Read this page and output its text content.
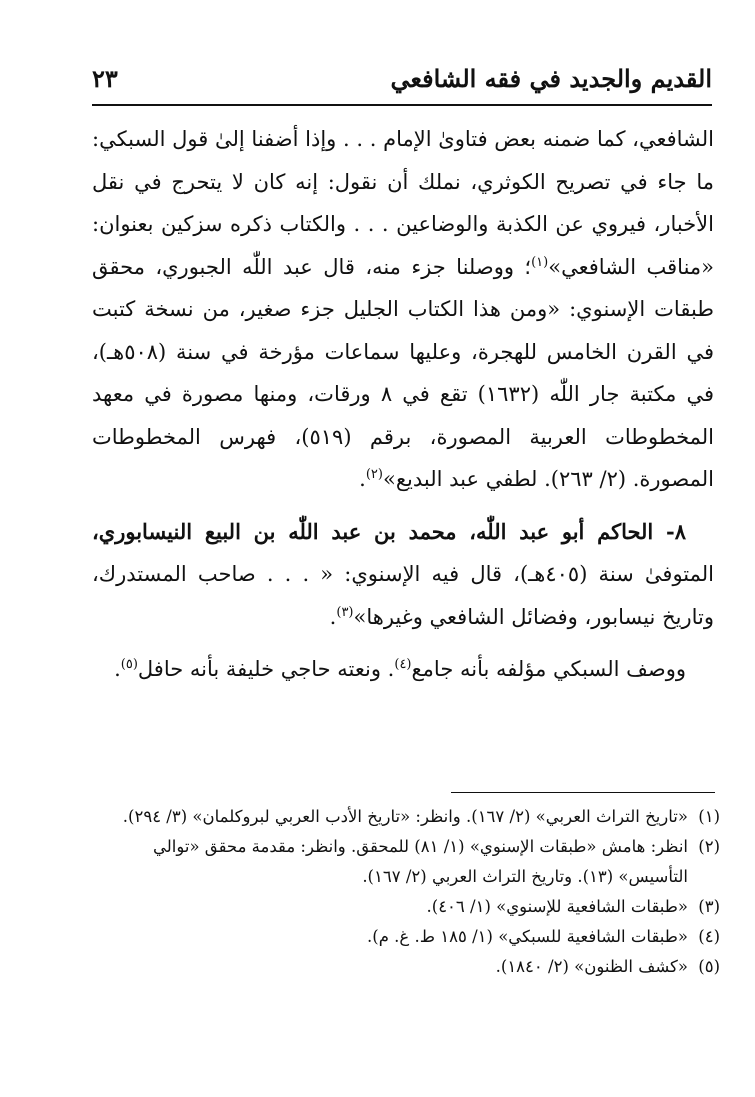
القديم والجديد في فقه الشافعي
٢٣

الشافعي، كما ضمنه بعض فتاوىٰ الإمام . . . وإذا أضفنا إلىٰ قول السبكي: ما جاء في تصريح الكوثري، نملك أن نقول: إنه كان لا يتحرج في نقل الأخبار، فيروي عن الكذبة والوضاعين . . . والكتاب ذكره سزكين بعنوان: «مناقب الشافعي»$^{(١)}$؛ ووصلنا جزء منه، قال عبد اللّٰه الجبوري، محقق طبقات الإسنوي: «ومن هذا الكتاب الجليل جزء صغير، من نسخة كتبت في القرن الخامس للهجرة، وعليها سماعات مؤرخة في سنة (٥٠٨هـ)، في مكتبة جار اللّٰه (١٦٣٢) تقع في ٨ ورقات، ومنها مصورة في معهد المخطوطات العربية المصورة، برقم (٥١٩)، فهرس المخطوطات المصورة. (٢/ ٢٦٣). لطفي عبد البديع»$^{(٢)}$.

٨- الحاكم أبو عبد اللّٰه، محمد بن عبد اللّٰه بن البيع النيسابوري، المتوفىٰ سنة (٤٠٥هـ)، قال فيه الإسنوي: « . . . صاحب المستدرك، وتاريخ نيسابور، وفضائل الشافعي وغيرها»$^{(٣)}$.

ووصف السبكي مؤلفه بأنه جامع$^{(٤)}$. ونعته حاجي خليفة بأنه حافل$^{(٥)}$.

(١)
«تاريخ التراث العربي» (٢/ ١٦٧). وانظر: «تاريخ الأدب العربي لبروكلمان» (٣/ ٢٩٤).

(٢)
انظر: هامش «طبقات الإسنوي» (١/ ٨١) للمحقق. وانظر: مقدمة محقق «توالي التأسيس» (١٣). وتاريخ التراث العربي (٢/ ١٦٧).

(٣)
«طبقات الشافعية للإسنوي» (١/ ٤٠٦).

(٤)
«طبقات الشافعية للسبكي» (١/ ١٨٥ ط. غ. م).

(٥)
«كشف الظنون» (٢/ ١٨٤٠).
